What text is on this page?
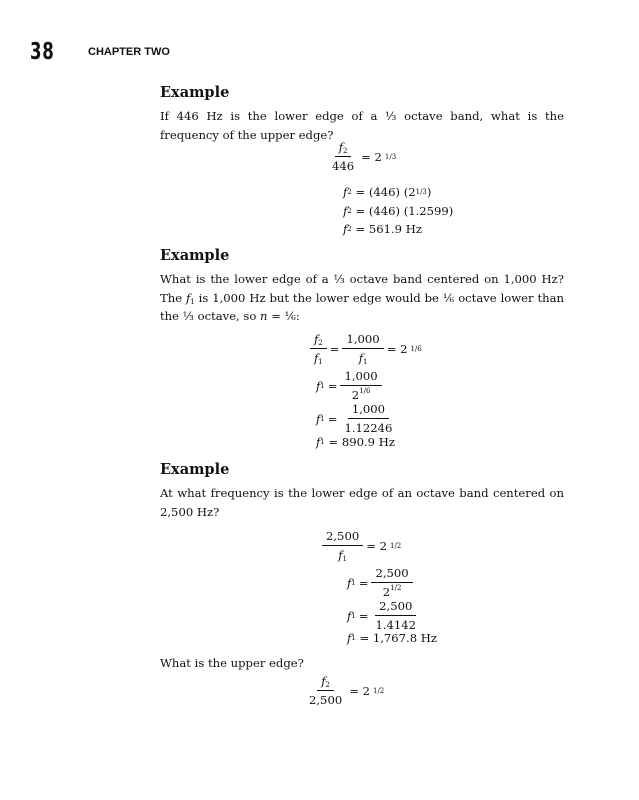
38	CHAPTER TWO
Example

If 446 Hz is the lower edge of a ⅓ octave band, what is the frequency of the upper edge?

$\frac{f_2}{446} = 2$ 1/3
f 2 = (446) (2 1/3 )
f 2 = (446) (1.2599)
f 2 = 561.9 Hz
Example

What is the lower edge of a ⅓ octave band centered on 1,000 Hz? The $f_1$ is 1,000 Hz but the lower edge would be ⅙ octave lower than the ⅓ octave, so n = ⅙:

$\frac{f_2}{f_1} = \frac{1,000}{f_1} = 2$ 1/6
f $1 = \frac{1,000}{2^{1/6}}$
f $1 = \frac{1,000}{1.12246}$
f 1 = 890.9 Hz
Example

At what frequency is the lower edge of an octave band centered on 2,500 Hz?

$\frac{2,500}{f_1} = 2$ 1/2
f $1 = \frac{2,500}{2^{1/2}}$
f $1 = \frac{2,500}{1.4142}$
f 1 = 1,767.8 Hz

What is the upper edge?

$\frac{f_2}{2,500} = 2$ 1/2
